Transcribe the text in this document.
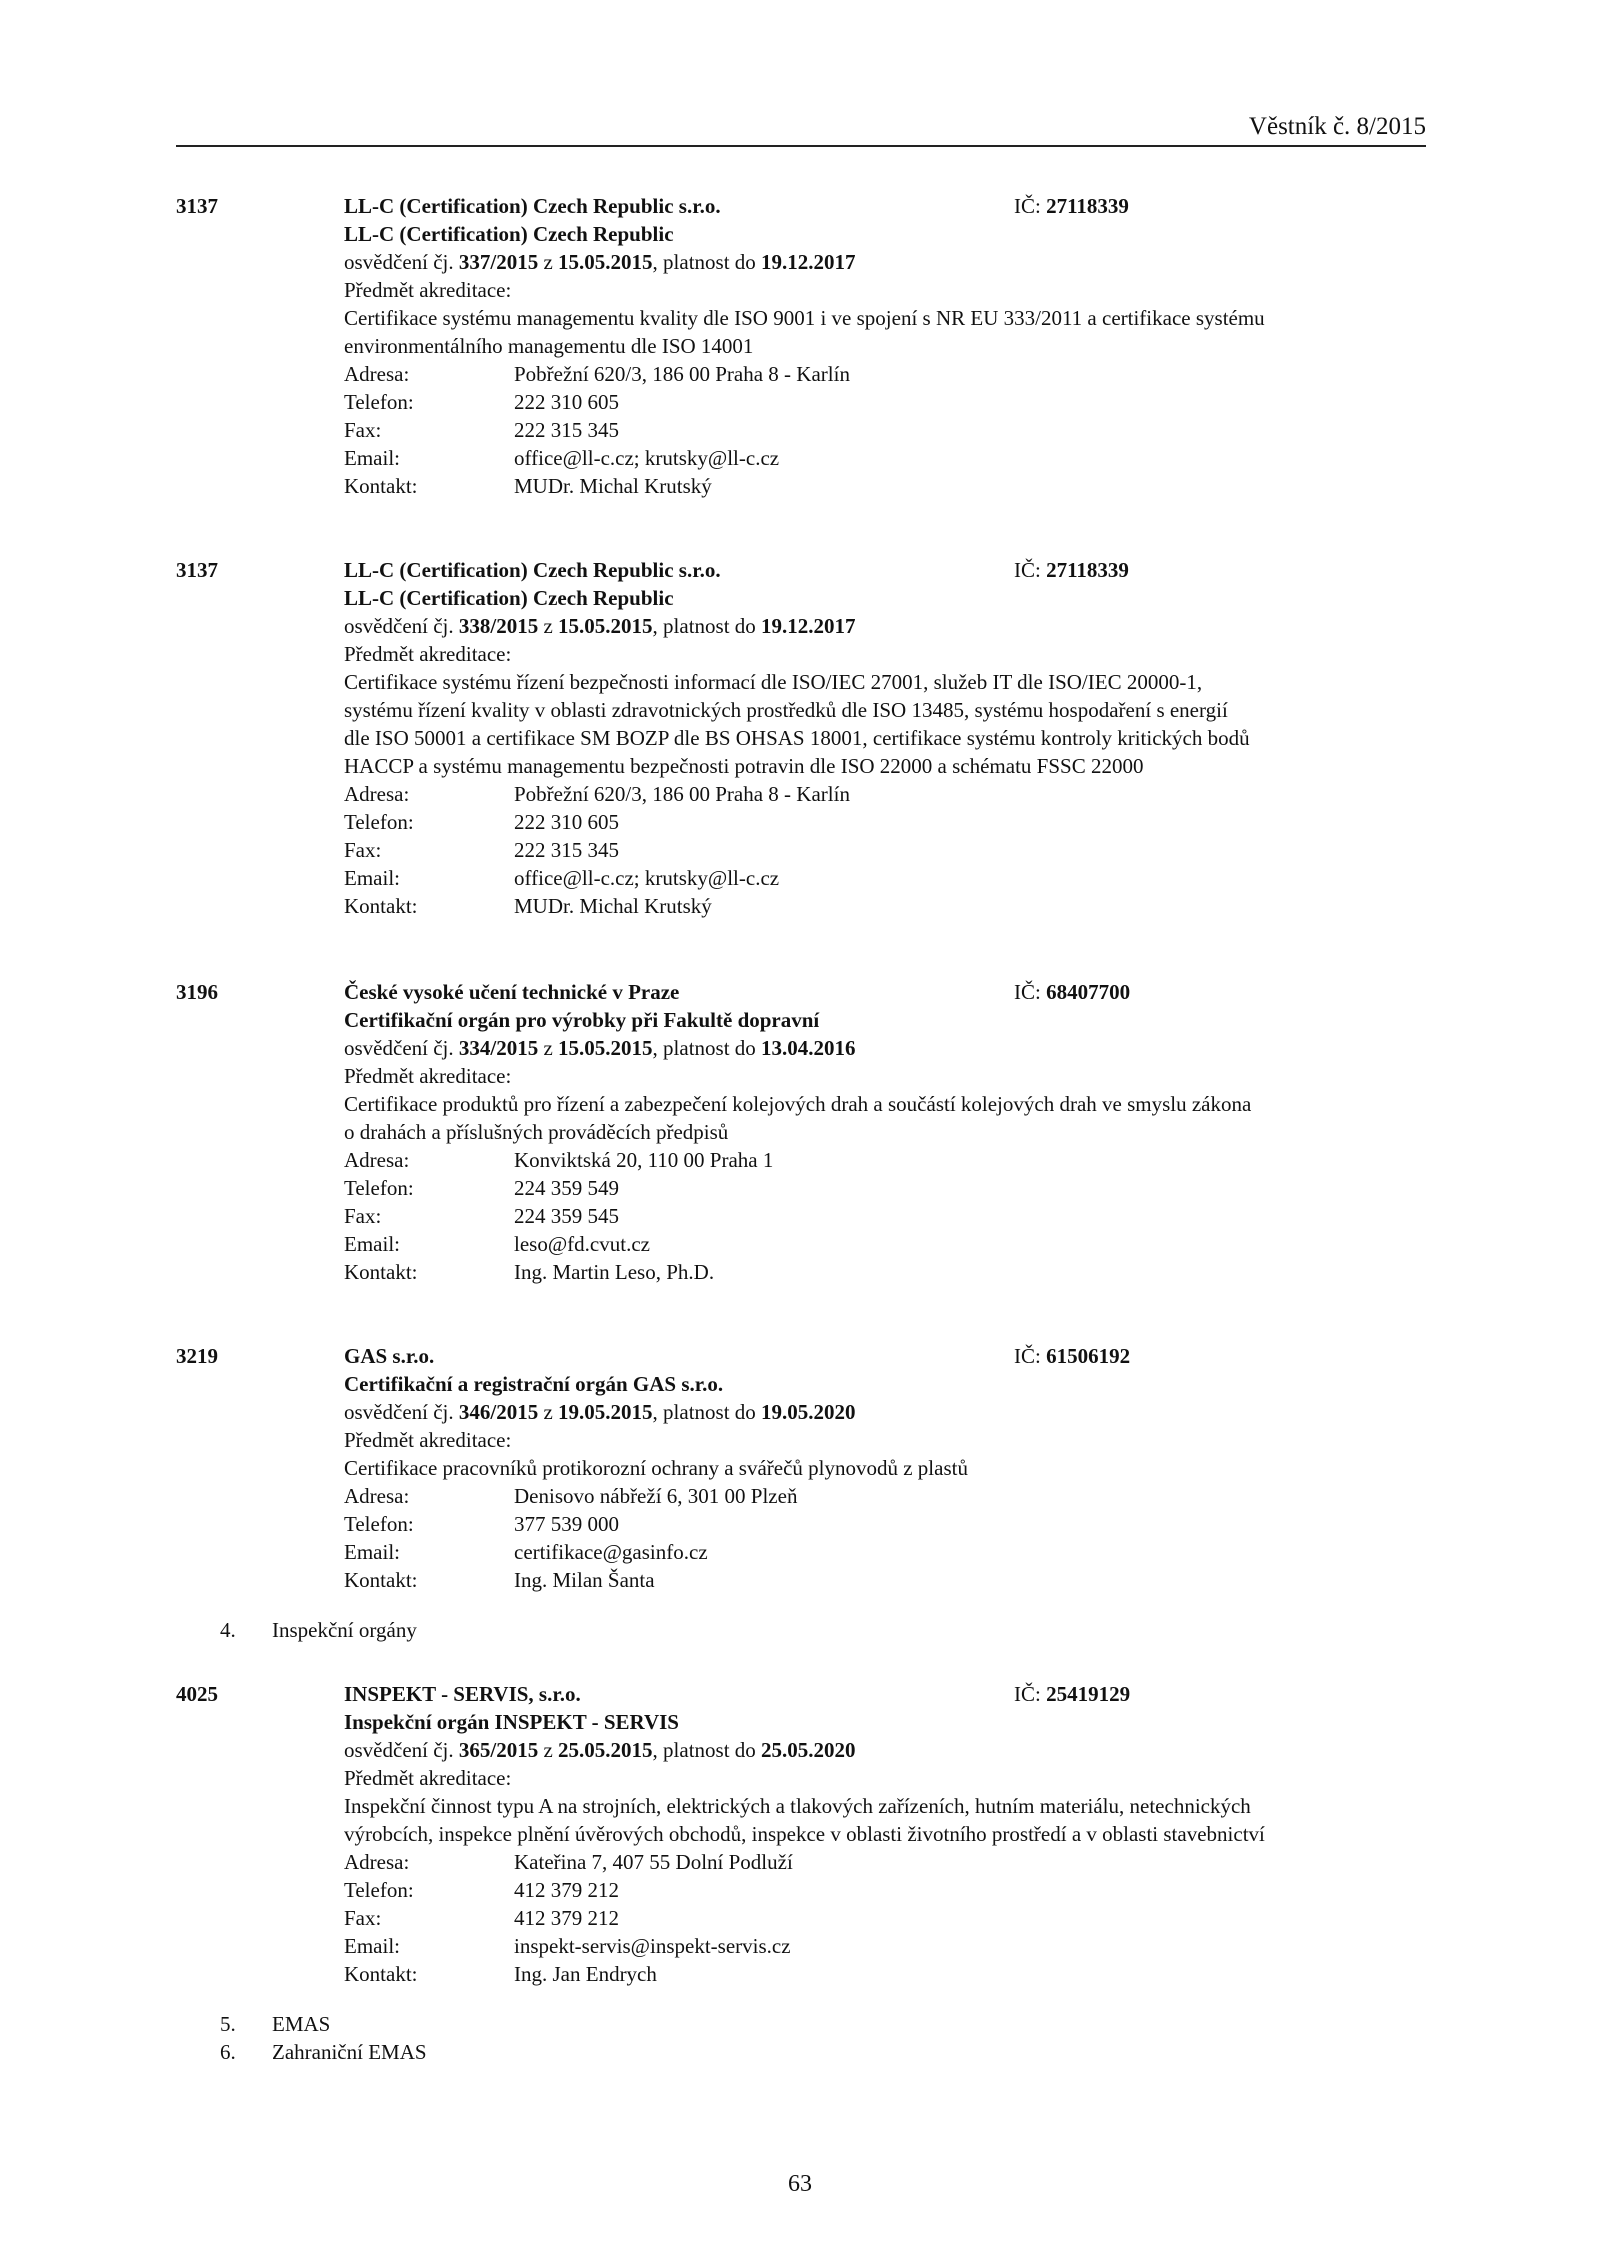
Věstník č. 8/2015
3137	LL-C (Certification) Czech Republic s.r.o.	IČ: 27118339
LL-C (Certification) Czech Republic
osvědčení čj. 337/2015 z 15.05.2015, platnost do 19.12.2017
Předmět akreditace:
Certifikace systému managementu kvality dle ISO 9001 i ve spojení s NR EU 333/2011 a certifikace systému
environmentálního managementu dle ISO 14001
Adresa:	Pobřežní 620/3, 186 00 Praha 8 - Karlín
Telefon:	222 310 605
Fax:	222 315 345
Email:	office@ll-c.cz; krutsky@ll-c.cz
Kontakt:	MUDr. Michal Krutský
3137	LL-C (Certification) Czech Republic s.r.o.	IČ: 27118339
LL-C (Certification) Czech Republic
osvědčení čj. 338/2015 z 15.05.2015, platnost do 19.12.2017
Předmět akreditace:
Certifikace systému řízení bezpečnosti informací dle ISO/IEC 27001, služeb IT dle ISO/IEC 20000-1,
systému řízení kvality v oblasti zdravotnických prostředků dle ISO 13485, systému hospodaření s energií
dle ISO 50001 a certifikace SM BOZP dle BS OHSAS 18001, certifikace systému kontroly kritických bodů
HACCP a systému managementu bezpečnosti potravin dle ISO 22000 a schématu FSSC 22000
Adresa:	Pobřežní 620/3, 186 00 Praha 8 - Karlín
Telefon:	222 310 605
Fax:	222 315 345
Email:	office@ll-c.cz; krutsky@ll-c.cz
Kontakt:	MUDr. Michal Krutský
3196	České vysoké učení technické v Praze	IČ: 68407700
Certifikační orgán pro výrobky při Fakultě dopravní
osvědčení čj. 334/2015 z 15.05.2015, platnost do 13.04.2016
Předmět akreditace:
Certifikace produktů pro řízení a zabezpečení kolejových drah a součástí kolejových drah ve smyslu zákona
o drahách a příslušných prováděcích předpisů
Adresa:	Konviktská 20, 110 00 Praha 1
Telefon:	224 359 549
Fax:	224 359 545
Email:	leso@fd.cvut.cz
Kontakt:	Ing. Martin Leso, Ph.D.
3219	GAS s.r.o.	IČ: 61506192
Certifikační a registrační orgán GAS s.r.o.
osvědčení čj. 346/2015 z 19.05.2015, platnost do 19.05.2020
Předmět akreditace:
Certifikace pracovníků protikorozní ochrany a svářečů plynovodů z plastů
Adresa:	Denisovo nábřeží 6, 301 00 Plzeň
Telefon:	377 539 000
Email:	certifikace@gasinfo.cz
Kontakt:	Ing. Milan Šanta
4. Inspekční orgány
4025	INSPEKT - SERVIS, s.r.o.	IČ: 25419129
Inspekční orgán INSPEKT - SERVIS
osvědčení čj. 365/2015 z 25.05.2015, platnost do 25.05.2020
Předmět akreditace:
Inspekční činnost typu A na strojních, elektrických a tlakových zařízeních, hutním materiálu, netechnických
výrobcích, inspekce plnění úvěrových obchodů, inspekce v oblasti životního prostředí a v oblasti stavebnictví
Adresa:	Kateřina 7, 407 55 Dolní Podluží
Telefon:	412 379 212
Fax:	412 379 212
Email:	inspekt-servis@inspekt-servis.cz
Kontakt:	Ing. Jan Endrych
5. EMAS
6. Zahraniční EMAS
63
